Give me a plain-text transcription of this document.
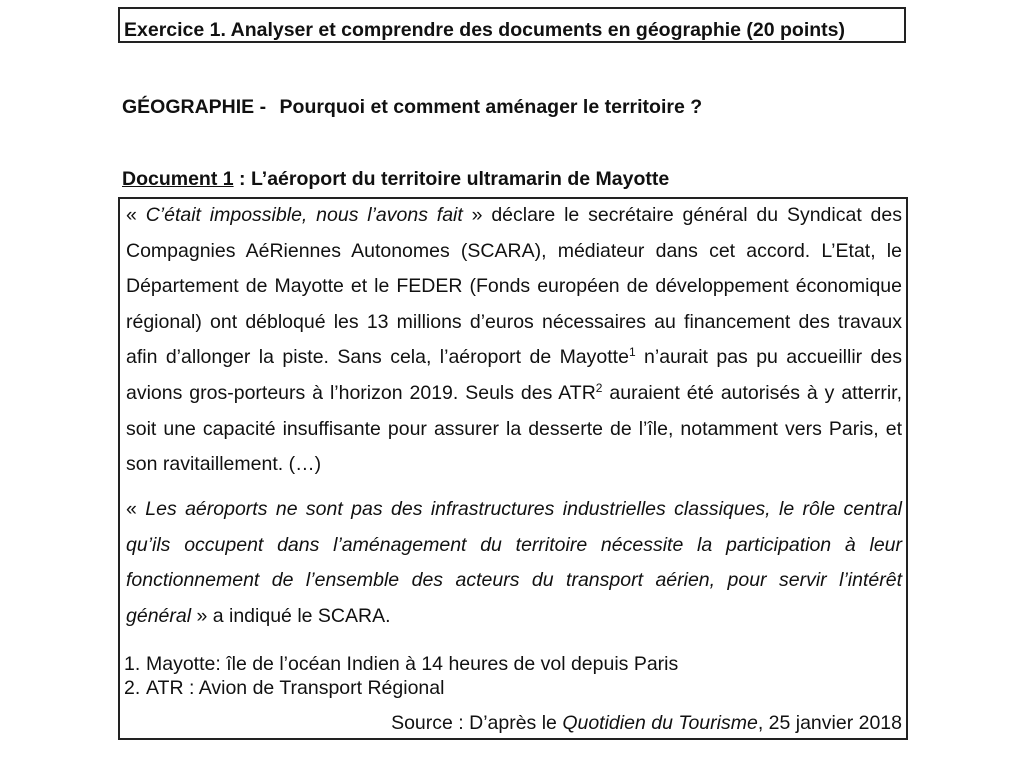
Exercice 1. Analyser et comprendre des documents en géographie (20 points)
GÉOGRAPHIE - Pourquoi et comment aménager le territoire ?
Document 1 : L’aéroport du territoire ultramarin de Mayotte

« C’était impossible, nous l’avons fait » déclare le secrétaire général du Syndicat des Compagnies AéRiennes Autonomes (SCARA), médiateur dans cet accord. L’Etat, le Département de Mayotte et le FEDER (Fonds européen de développement économique régional) ont débloqué les 13 millions d’euros nécessaires au financement des travaux afin d’allonger la piste. Sans cela, l’aéroport de Mayotte$^1$ n’aurait pas pu accueillir des avions gros-porteurs à l’horizon 2019. Seuls des ATR$^2$ auraient été autorisés à y atterrir, soit une capacité insuffisante pour assurer la desserte de l’île, notamment vers Paris, et son ravitaillement. (…)

« Les aéroports ne sont pas des infrastructures industrielles classiques, le rôle central qu’ils occupent dans l’aménagement du territoire nécessite la participation à leur fonctionnement de l’ensemble des acteurs du transport aérien, pour servir l’intérêt général » a indiqué le SCARA.

1. Mayotte: île de l’océan Indien à 14 heures de vol depuis Paris
2. ATR : Avion de Transport Régional
Source : D’après le Quotidien du Tourisme, 25 janvier 2018
